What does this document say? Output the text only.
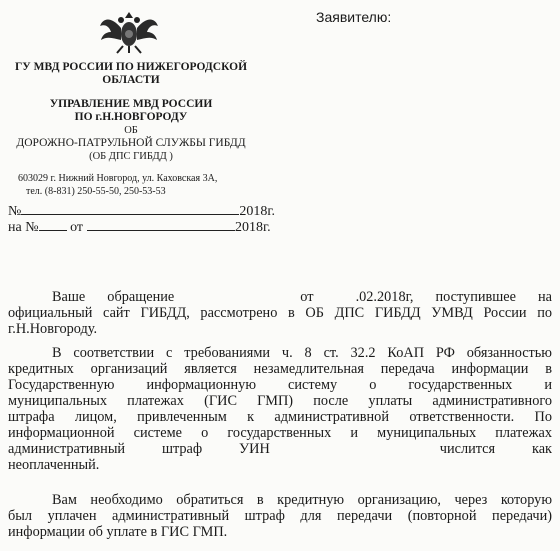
Заявителю:
ГУ МВД РОССИИ ПО НИЖЕГОРОДСКОЙ
ОБЛАСТИ
УПРАВЛЕНИЕ МВД РОССИИ
ПО г.Н.НОВГОРОДУ
ОБ
ДОРОЖНО-ПАТРУЛЬНОЙ СЛУЖБЫ ГИБДД
(ОБ ДПС ГИБДД )
603029 г. Нижний Новгород, ул. Каховская 3А,
тел. (8-831) 250-55-50, 250-53-53
№	2018г.
на № от	2018г.
Ваше обращение	от	.02.2018г, поступившее на
официальный сайт ГИБДД, рассмотрено в ОБ ДПС ГИБДД УМВД России по
г.Н.Новгороду.
В соответствии с требованиями ч. 8 ст. 32.2 КоАП РФ обязанностью
кредитных организаций является незамедлительная передача информации в
Государственную информационную систему о государственных и
муниципальных платежах (ГИС ГМП) после уплаты административного
штрафа лицом, привлеченным к административной ответственности. По
информационной системе о государственных и муниципальных платежах
административный штраф УИН	числится как
неоплаченный.
Вам необходимо обратиться в кредитную организацию, через которую
был уплачен административный штраф для передачи (повторной передачи)
информации об уплате в ГИС ГМП.
